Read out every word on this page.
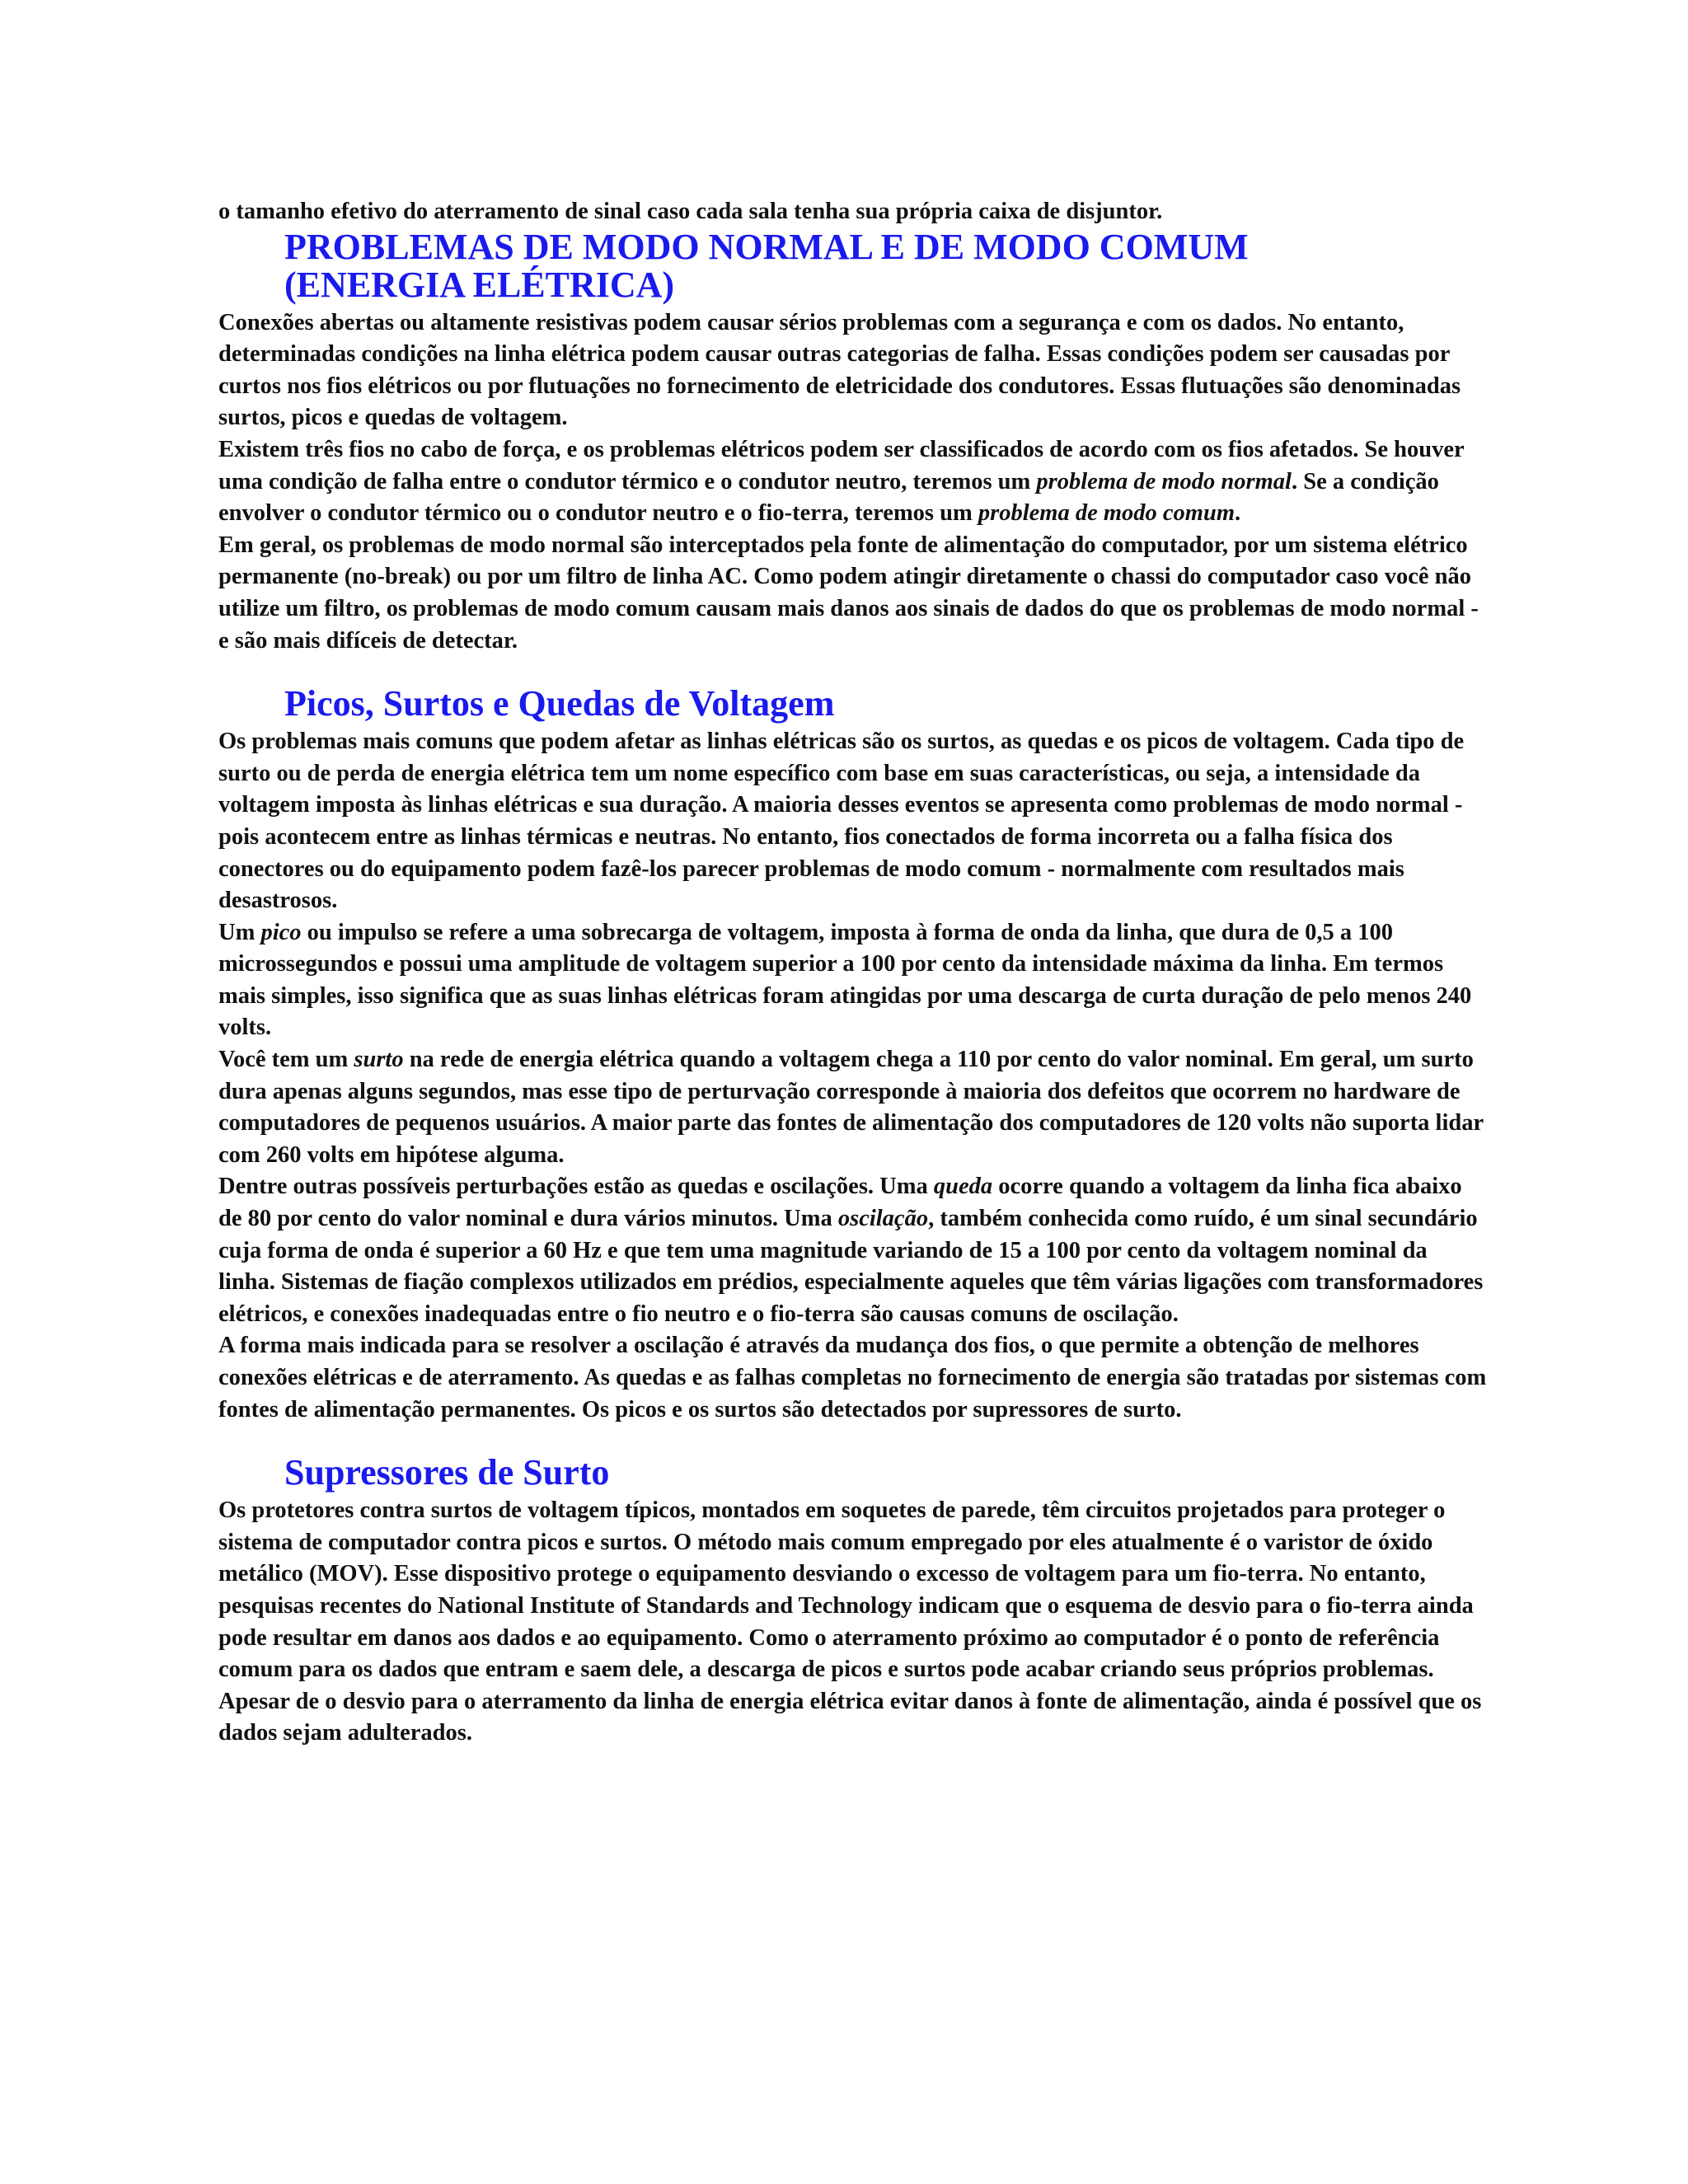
o tamanho efetivo do aterramento de sinal caso cada sala tenha sua própria caixa de disjuntor.

PROBLEMAS DE MODO NORMAL E DE MODO COMUM
(ENERGIA ELÉTRICA)

Conexões abertas ou altamente resistivas podem causar sérios problemas com a segurança e com os dados. No entanto, determinadas condições na linha elétrica podem causar outras categorias de falha. Essas condições podem ser causadas por curtos nos fios elétricos ou por flutuações no fornecimento de eletricidade dos condutores. Essas flutuações são denominadas surtos, picos e quedas de voltagem.

Existem três fios no cabo de força, e os problemas elétricos podem ser classificados de acordo com os fios afetados. Se houver uma condição de falha entre o condutor térmico e o condutor neutro, teremos um problema de modo normal. Se a condição envolver o condutor térmico ou o condutor neutro e o fio-terra, teremos um problema de modo comum.

Em geral, os problemas de modo normal são interceptados pela fonte de alimentação do computador, por um sistema elétrico permanente (no-break) ou por um filtro de linha AC. Como podem atingir diretamente o chassi do computador caso você não utilize um filtro, os problemas de modo comum causam mais danos aos sinais de dados do que os problemas de modo normal - e são mais difíceis de detectar.

Picos, Surtos e Quedas de Voltagem

Os problemas mais comuns que podem afetar as linhas elétricas são os surtos, as quedas e os picos de voltagem. Cada tipo de surto ou de perda de energia elétrica tem um nome específico com base em suas características, ou seja, a intensidade da voltagem imposta às linhas elétricas e sua duração. A maioria desses eventos se apresenta como problemas de modo normal - pois acontecem entre as linhas térmicas e neutras. No entanto, fios conectados de forma incorreta ou a falha física dos conectores ou do equipamento podem fazê-los parecer problemas de modo comum - normalmente com resultados mais desastrosos.

Um pico ou impulso se refere a uma sobrecarga de voltagem, imposta à forma de onda da linha, que dura de 0,5 a 100 microssegundos e possui uma amplitude de voltagem superior a 100 por cento da intensidade máxima da linha. Em termos mais simples, isso significa que as suas linhas elétricas foram atingidas por uma descarga de curta duração de pelo menos 240 volts.

Você tem um surto na rede de energia elétrica quando a voltagem chega a 110 por cento do valor nominal. Em geral, um surto dura apenas alguns segundos, mas esse tipo de perturvação corresponde à maioria dos defeitos que ocorrem no hardware de computadores de pequenos usuários. A maior parte das fontes de alimentação dos computadores de 120 volts não suporta lidar com 260 volts em hipótese alguma.

Dentre outras possíveis perturbações estão as quedas e oscilações. Uma queda ocorre quando a voltagem da linha fica abaixo de 80 por cento do valor nominal e dura vários minutos. Uma oscilação, também conhecida como ruído, é um sinal secundário cuja forma de onda é superior a 60 Hz e que tem uma magnitude variando de 15 a 100 por cento da voltagem nominal da linha. Sistemas de fiação complexos utilizados em prédios, especialmente aqueles que têm várias ligações com transformadores elétricos, e conexões inadequadas entre o fio neutro e o fio-terra são causas comuns de oscilação.

A forma mais indicada para se resolver a oscilação é através da mudança dos fios, o que permite a obtenção de melhores conexões elétricas e de aterramento. As quedas e as falhas completas no fornecimento de energia são tratadas por sistemas com fontes de alimentação permanentes. Os picos e os surtos são detectados por supressores de surto.

Supressores de Surto

Os protetores contra surtos de voltagem típicos, montados em soquetes de parede, têm circuitos projetados para proteger o sistema de computador contra picos e surtos. O método mais comum empregado por eles atualmente é o varistor de óxido metálico (MOV). Esse dispositivo protege o equipamento desviando o excesso de voltagem para um fio-terra. No entanto, pesquisas recentes do National Institute of Standards and Technology indicam que o esquema de desvio para o fio-terra ainda pode resultar em danos aos dados e ao equipamento. Como o aterramento próximo ao computador é o ponto de referência comum para os dados que entram e saem dele, a descarga de picos e surtos pode acabar criando seus próprios problemas. Apesar de o desvio para o aterramento da linha de energia elétrica evitar danos à fonte de alimentação, ainda é possível que os dados sejam adulterados.
